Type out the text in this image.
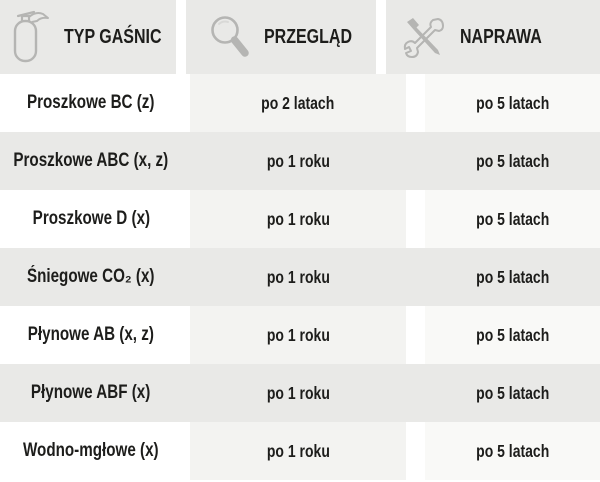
TYP GAŚNIC	PRZEGLĄD	NAPRAWA
Proszkowe BC (z)	po 2 latach	po 5 latach
Proszkowe ABC (x, z)	po 1 roku	po 5 latach
Proszkowe D (x)	po 1 roku	po 5 latach
Śniegowe CO₂ (x)	po 1 roku	po 5 latach
Płynowe AB (x, z)	po 1 roku	po 5 latach
Płynowe ABF (x)	po 1 roku	po 5 latach
Wodno-mgłowe (x)	po 1 roku	po 5 latach
